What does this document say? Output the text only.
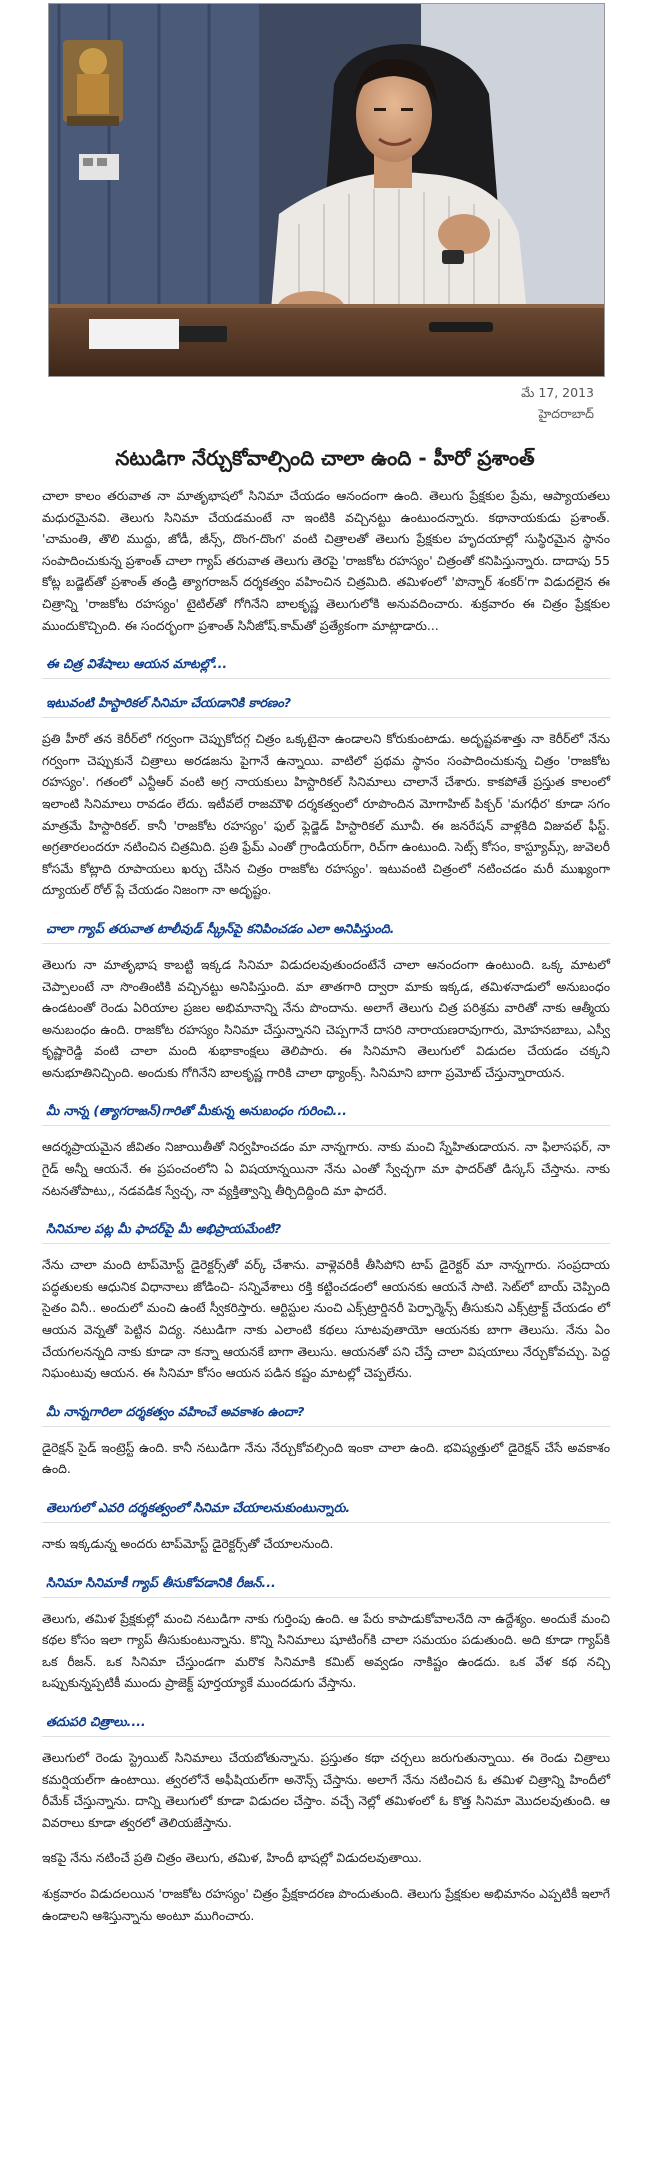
మే 17, 2013
హైదరాబాద్
నటుడిగా నేర్చుకోవాల్సింది చాలా ఉంది - హీరో ప్రశాంత్

చాలా కాలం తరువాత నా మాతృభాషలో సినిమా చేయడం ఆనందంగా ఉంది. తెలుగు ప్రేక్షకుల ప్రేమ, ఆప్యాయతలు మధురమైనవి. తెలుగు సినిమా చేయడమంటే నా ఇంటికి వచ్చినట్టు ఉంటుందన్నారు. కథానాయకుడు ప్రశాంత్. 'చామంతి, తొలి ముద్దు, జోడీ, జీన్స్, దొంగ-దొంగ' వంటి చిత్రాలతో తెలుగు ప్రేక్షకుల హృదయాల్లో సుస్థిరమైన స్థానం సంపాదించుకున్న ప్రశాంత్ చాలా గ్యాప్ తరువాత తెలుగు తెరపై 'రాజకోట రహస్యం' చిత్రంతో కనిపిస్తున్నారు. దాదాపు 55 కోట్ల బడ్జెట్‌తో ప్రశాంత్ తండ్రి త్యాగరాజన్ దర్శకత్వం వహించిన చిత్రమిది. తమిళంలో 'పొన్నార్ శంకర్'గా విడుదలైన ఈ చిత్రాన్ని 'రాజకోట రహస్యం' టైటిల్‌తో గోగినేని బాలకృష్ణ తెలుగులోకి అనువదించారు. శుక్రవారం ఈ చిత్రం ప్రేక్షకుల ముందుకొచ్చింది. ఈ సందర్భంగా ప్రశాంత్ సినీజోష్.కామ్‌తో ప్రత్యేకంగా మాట్లాడారు...

ఈ చిత్ర విశేషాలు ఆయన మాటల్లో...
ఇటువంటి హిస్టారికల్ సినిమా చేయడానికి కారణం?

ప్రతి హీరో తన కెరీర్‌లో గర్వంగా చెప్పుకోదగ్గ చిత్రం ఒక్కటైనా ఉండాలని కోరుకుంటాడు. అదృష్టవశాత్తు నా కెరీర్‌లో నేను గర్వంగా చెప్పుకునే చిత్రాలు అరడజను పైగానే ఉన్నాయి. వాటిలో ప్రథమ స్థానం సంపాదించుకున్న చిత్రం 'రాజకోట రహస్యం'. గతంలో ఎన్టీఆర్ వంటి అగ్ర నాయకులు హిస్టారికల్ సినిమాలు చాలానే చేశారు. కాకపోతే ప్రస్తుత కాలంలో ఇలాంటి సినిమాలు రావడం లేదు. ఇటీవలే రాజమౌళి దర్శకత్వంలో రూపొందిన మోగాహిట్ పిక్చర్ 'మగధీర' కూడా సగం మాత్రమే హిస్టారికల్. కానీ 'రాజకోట రహస్యం' ఫుల్ ఫ్లెడ్జెడ్ హిస్టారికల్ మూవీ. ఈ జనరేషన్ వాళ్లకిది విజువల్ ఫీస్ట్. అగ్రతారలందరూ నటించిన చిత్రమిది. ప్రతి ఫ్రేమ్ ఎంతో గ్రాండియర్‌గా, రిచ్‌గా ఉంటుంది. సెట్స్ కోసం, కాస్ట్యూమ్స్, జువెలరీ కోసమే కోట్లాది రూపాయలు ఖర్చు చేసిన చిత్రం రాజకోట రహస్యం'. ఇటువంటి చిత్రంలో నటించడం మరీ ముఖ్యంగా ద్యూయల్ రోల్ ప్లే చేయడం నిజంగా నా అదృష్టం.

చాలా గ్యాప్ తరువాత టాలీవుడ్ స్క్రీన్‌పై కనిపించడం ఎలా అనిపిస్తుంది.

తెలుగు నా మాతృభాష కాబట్టి ఇక్కడ సినిమా విడుదలవుతుందంటేనే చాలా ఆనందంగా ఉంటుంది. ఒక్క మాటలో చెప్పాలంటే నా సొంతింటికి వచ్చినట్టు అనిపిస్తుంది. మా తాతగారి ద్వారా మాకు ఇక్కడ, తమిళనాడులో అనుబంధం ఉండటంతో రెండు ఏరియాల ప్రజల అభిమానాన్ని నేను పొందాను. అలాగే తెలుగు చిత్ర పరిశ్రమ వారితో నాకు ఆత్మీయ అనుబంధం ఉంది. రాజకోట రహస్యం సినిమా చేస్తున్నానని చెప్పగానే దాసరి నారాయణరావుగారు, మోహనబాబు, ఎస్వీ కృష్ణారెడ్డి వంటి చాలా మంది శుభాకాంక్షలు తెలిపారు. ఈ సినిమాని తెలుగులో విడుదల చేయడం చక్కని అనుభూతినిచ్చింది. అందుకు గోగినేని బాలకృష్ణ గారికి చాలా థ్యాంక్స్. సినిమాని బాగా ప్రమోట్ చేస్తున్నారాయన.

మీ నాన్న (త్యాగరాజన్)గారితో మీకున్న అనుబంధం గురించి...

ఆదర్శప్రాయమైన జీవితం నిజాయితీతో నిర్వహించడం మా నాన్నగారు. నాకు మంచి స్నేహితుడాయన. నా ఫిలాసఫర్, నా గైడ్ అన్నీ ఆయనే. ఈ ప్రపంచంలోని ఏ విషయాన్నయినా నేను ఎంతో స్వేచ్ఛగా మా ఫాదర్‌తో డిస్కస్ చేస్తాను. నాకు నటనతోపాటు,, నడవడిక స్వేచ్ఛ, నా వ్యక్తిత్వాన్ని తీర్చిదిద్దింది మా ఫాదరే.

సినిమాల పట్ల మీ ఫాదర్‌పై మీ అభిప్రాయమేంటి?

నేను చాలా మంది టాప్‌మోస్ట్ డైరెక్టర్స్‌తో వర్క్ చేశాను. వాళ్లెవరికీ తీసిపోని టాప్ డైరెక్టర్ మా నాన్నగారు. సంప్రదాయ పద్ధతులకు ఆధునిక విధానాలు జోడించి- సన్నివేశాలు రక్తి కట్టించడంలో ఆయనకు ఆయనే సాటి. సెట్‌లో బాయ్ చెప్పింది సైతం వినీ.. అందులో మంచి ఉంటే స్వీకరిస్తారు. ఆర్టిస్టుల నుంచి ఎక్స్‌ట్రార్డినరీ పెర్ఫార్మెన్స్ తీసుకుని ఎక్స్‌ట్రాక్ట్ చేయడం లో ఆయన వెన్నతో పెట్టిన విద్య. నటుడిగా నాకు ఎలాంటి కథలు సూటవుతాయో ఆయనకు బాగా తెలుసు. నేను ఏం చేయగలనన్నది నాకు కూడా నా కన్నా ఆయనకే బాగా తెలుసు. ఆయనతో పని చేస్తే చాలా విషయాలు నేర్చుకోవచ్చు. పెద్ద నిఘంటువు ఆయన. ఈ సినిమా కోసం ఆయన పడిన కష్టం మాటల్లో చెప్పలేను.

మీ నాన్నగారిలా దర్శకత్వం వహించే అవకాశం ఉందా?

డైరెక్షన్ సైడ్ ఇంట్రెస్ట్ ఉంది. కానీ నటుడిగా నేను నేర్చుకోవల్సింది ఇంకా చాలా ఉంది. భవిష్యత్తులో డైరెక్షన్ చేసే అవకాశం ఉంది.

తెలుగులో ఎవరి దర్శకత్వంలో సినిమా చేయాలనుకుంటున్నారు.

నాకు ఇక్కడున్న అందరు టాప్‌మోస్ట్ డైరెక్టర్స్‌తో చేయాలనుంది.

సినిమా సినిమాకీ గ్యాప్ తీసుకోవడానికి రీజన్...

తెలుగు, తమిళ ప్రేక్షకుల్లో మంచి నటుడిగా నాకు గుర్తింపు ఉంది. ఆ పేరు కాపాడుకోవాలనేది నా ఉద్దేశ్యం. అందుకే మంచి కథల కోసం ఇలా గ్యాప్ తీసుకుంటున్నాను. కొన్ని సినిమాలు షూటింగ్‌కి చాలా సమయం పడుతుంది. అది కూడా గ్యాప్‌కి ఒక రీజన్. ఒక సినిమా చేస్తుండగా మరొక సినిమాకి కమిట్ అవ్వడం నాకిష్టం ఉండదు. ఒక వేళ కథ నచ్చి ఒప్పుకున్నప్పటికీ ముందు ప్రాజెక్ట్ పూర్తయ్యాకే ముందడుగు వేస్తాను.

తదుపరి చిత్రాలు....

తెలుగులో రెండు స్ట్రెయిట్ సినిమాలు చేయబోతున్నాను. ప్రస్తుతం కథా చర్చలు జరుగుతున్నాయి. ఈ రెండు చిత్రాలు కమర్షియల్‌గా ఉంటాయి. త్వరలోనే అఫీషియల్‌గా అనౌన్స్ చేస్తాను. అలాగే నేను నటించిన ఓ తమిళ చిత్రాన్ని హిందీలో రీమేక్ చేస్తున్నాను. దాన్ని తెలుగులో కూడా విడుదల చేస్తాం. వచ్చే నెల్లో తమిళంలో ఓ కొత్త సినిమా మొదలవుతుంది. ఆ వివరాలు కూడా త్వరలో తెలియజేస్తాను.

ఇకపై నేను నటించే ప్రతి చిత్రం తెలుగు, తమిళ, హిందీ భాషల్లో విడుదలవుతాయి.

శుక్రవారం విడుదలయిన 'రాజకోట రహస్యం' చిత్రం ప్రేక్షకాదరణ పొందుతుంది. తెలుగు ప్రేక్షకుల అభిమానం ఎప్పటికీ ఇలాగే ఉండాలని ఆశిస్తున్నాను అంటూ ముగించారు.
